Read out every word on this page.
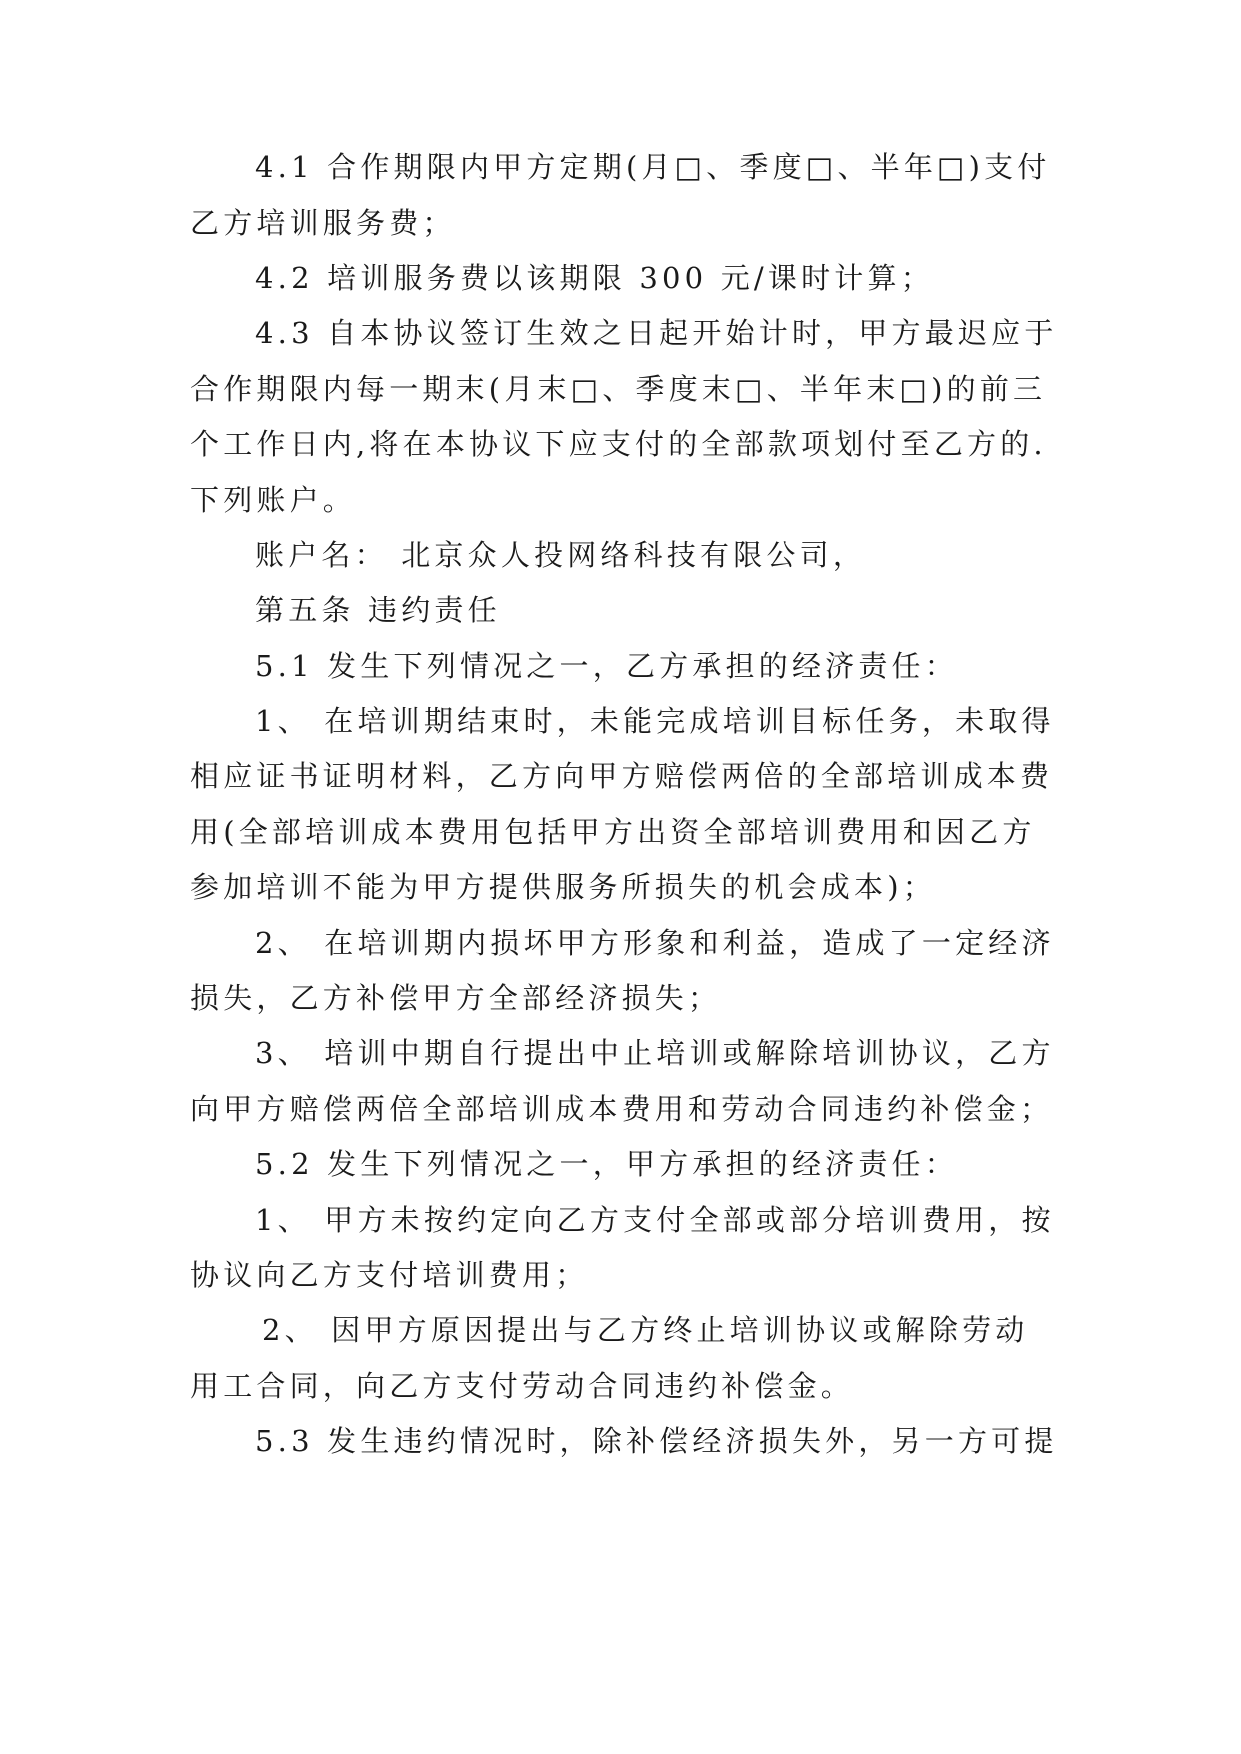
4.1 合作期限内甲方定期(月□、季度□、半年□)支付

乙方培训服务费；

4.2 培训服务费以该期限 300 元/课时计算；

4.3 自本协议签订生效之日起开始计时，甲方最迟应于

合作期限内每一期末(月末□、季度末□、半年末□)的前三

个工作日内,将在本协议下应支付的全部款项划付至乙方的.

下列账户。

账户名： 北京众人投网络科技有限公司，

第五条 违约责任

5.1 发生下列情况之一，乙方承担的经济责任：

1、 在培训期结束时，未能完成培训目标任务，未取得

相应证书证明材料，乙方向甲方赔偿两倍的全部培训成本费

用(全部培训成本费用包括甲方出资全部培训费用和因乙方

参加培训不能为甲方提供服务所损失的机会成本)；

2、 在培训期内损坏甲方形象和利益，造成了一定经济

损失，乙方补偿甲方全部经济损失；

3、 培训中期自行提出中止培训或解除培训协议，乙方

向甲方赔偿两倍全部培训成本费用和劳动合同违约补偿金；

5.2 发生下列情况之一，甲方承担的经济责任：

1、 甲方未按约定向乙方支付全部或部分培训费用，按

协议向乙方支付培训费用；

2、 因甲方原因提出与乙方终止培训协议或解除劳动

用工合同，向乙方支付劳动合同违约补偿金。

5.3 发生违约情况时，除补偿经济损失外，另一方可提
